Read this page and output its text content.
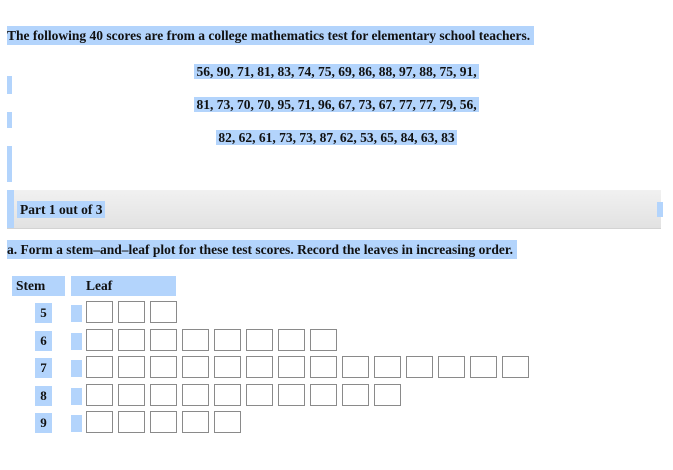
The following 40 scores are from a college mathematics test for elementary school teachers.
56, 90, 71, 81, 83, 74, 75, 69, 86, 88, 97, 88, 75, 91,
81, 73, 70, 70, 95, 71, 96, 67, 73, 67, 77, 77, 79, 56,
82, 62, 61, 73, 73, 87, 62, 53, 65, 84, 63, 83
Part 1 out of 3
a. Form a stem–and–leaf plot for these test scores. Record the leaves in increasing order.
Stem	Leaf
5
6
7
8
9
